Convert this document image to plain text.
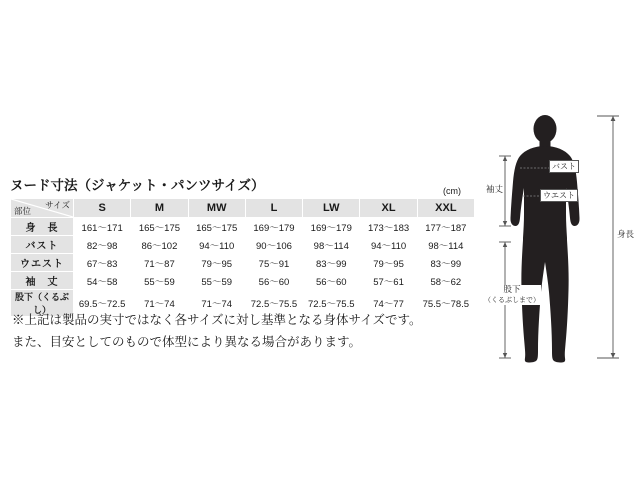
ヌード寸法（ジャケット・パンツサイズ）	(cm)
サイズ
部位	S	M	MW	L	LW	XL	XXL
身　長	161〜171	165〜175	165〜175	169〜179	169〜179	173〜183	177〜187
バスト	82〜98	86〜102	94〜110	90〜106	98〜114	94〜110	98〜114
ウエスト	67〜83	71〜87	79〜95	75〜91	83〜99	79〜95	83〜99
袖　丈	54〜58	55〜59	55〜59	56〜60	56〜60	57〜61	58〜62
股下（くるぶし）	69.5〜72.5	71〜74	71〜74	72.5〜75.5	72.5〜75.5	74〜77	75.5〜78.5
※上記は製品の実寸ではなく各サイズに対し基準となる身体サイズです。
また、目安としてのもので体型により異なる場合があります。
バスト
ウエスト
袖丈
身長
股下
（くるぶしまで）
